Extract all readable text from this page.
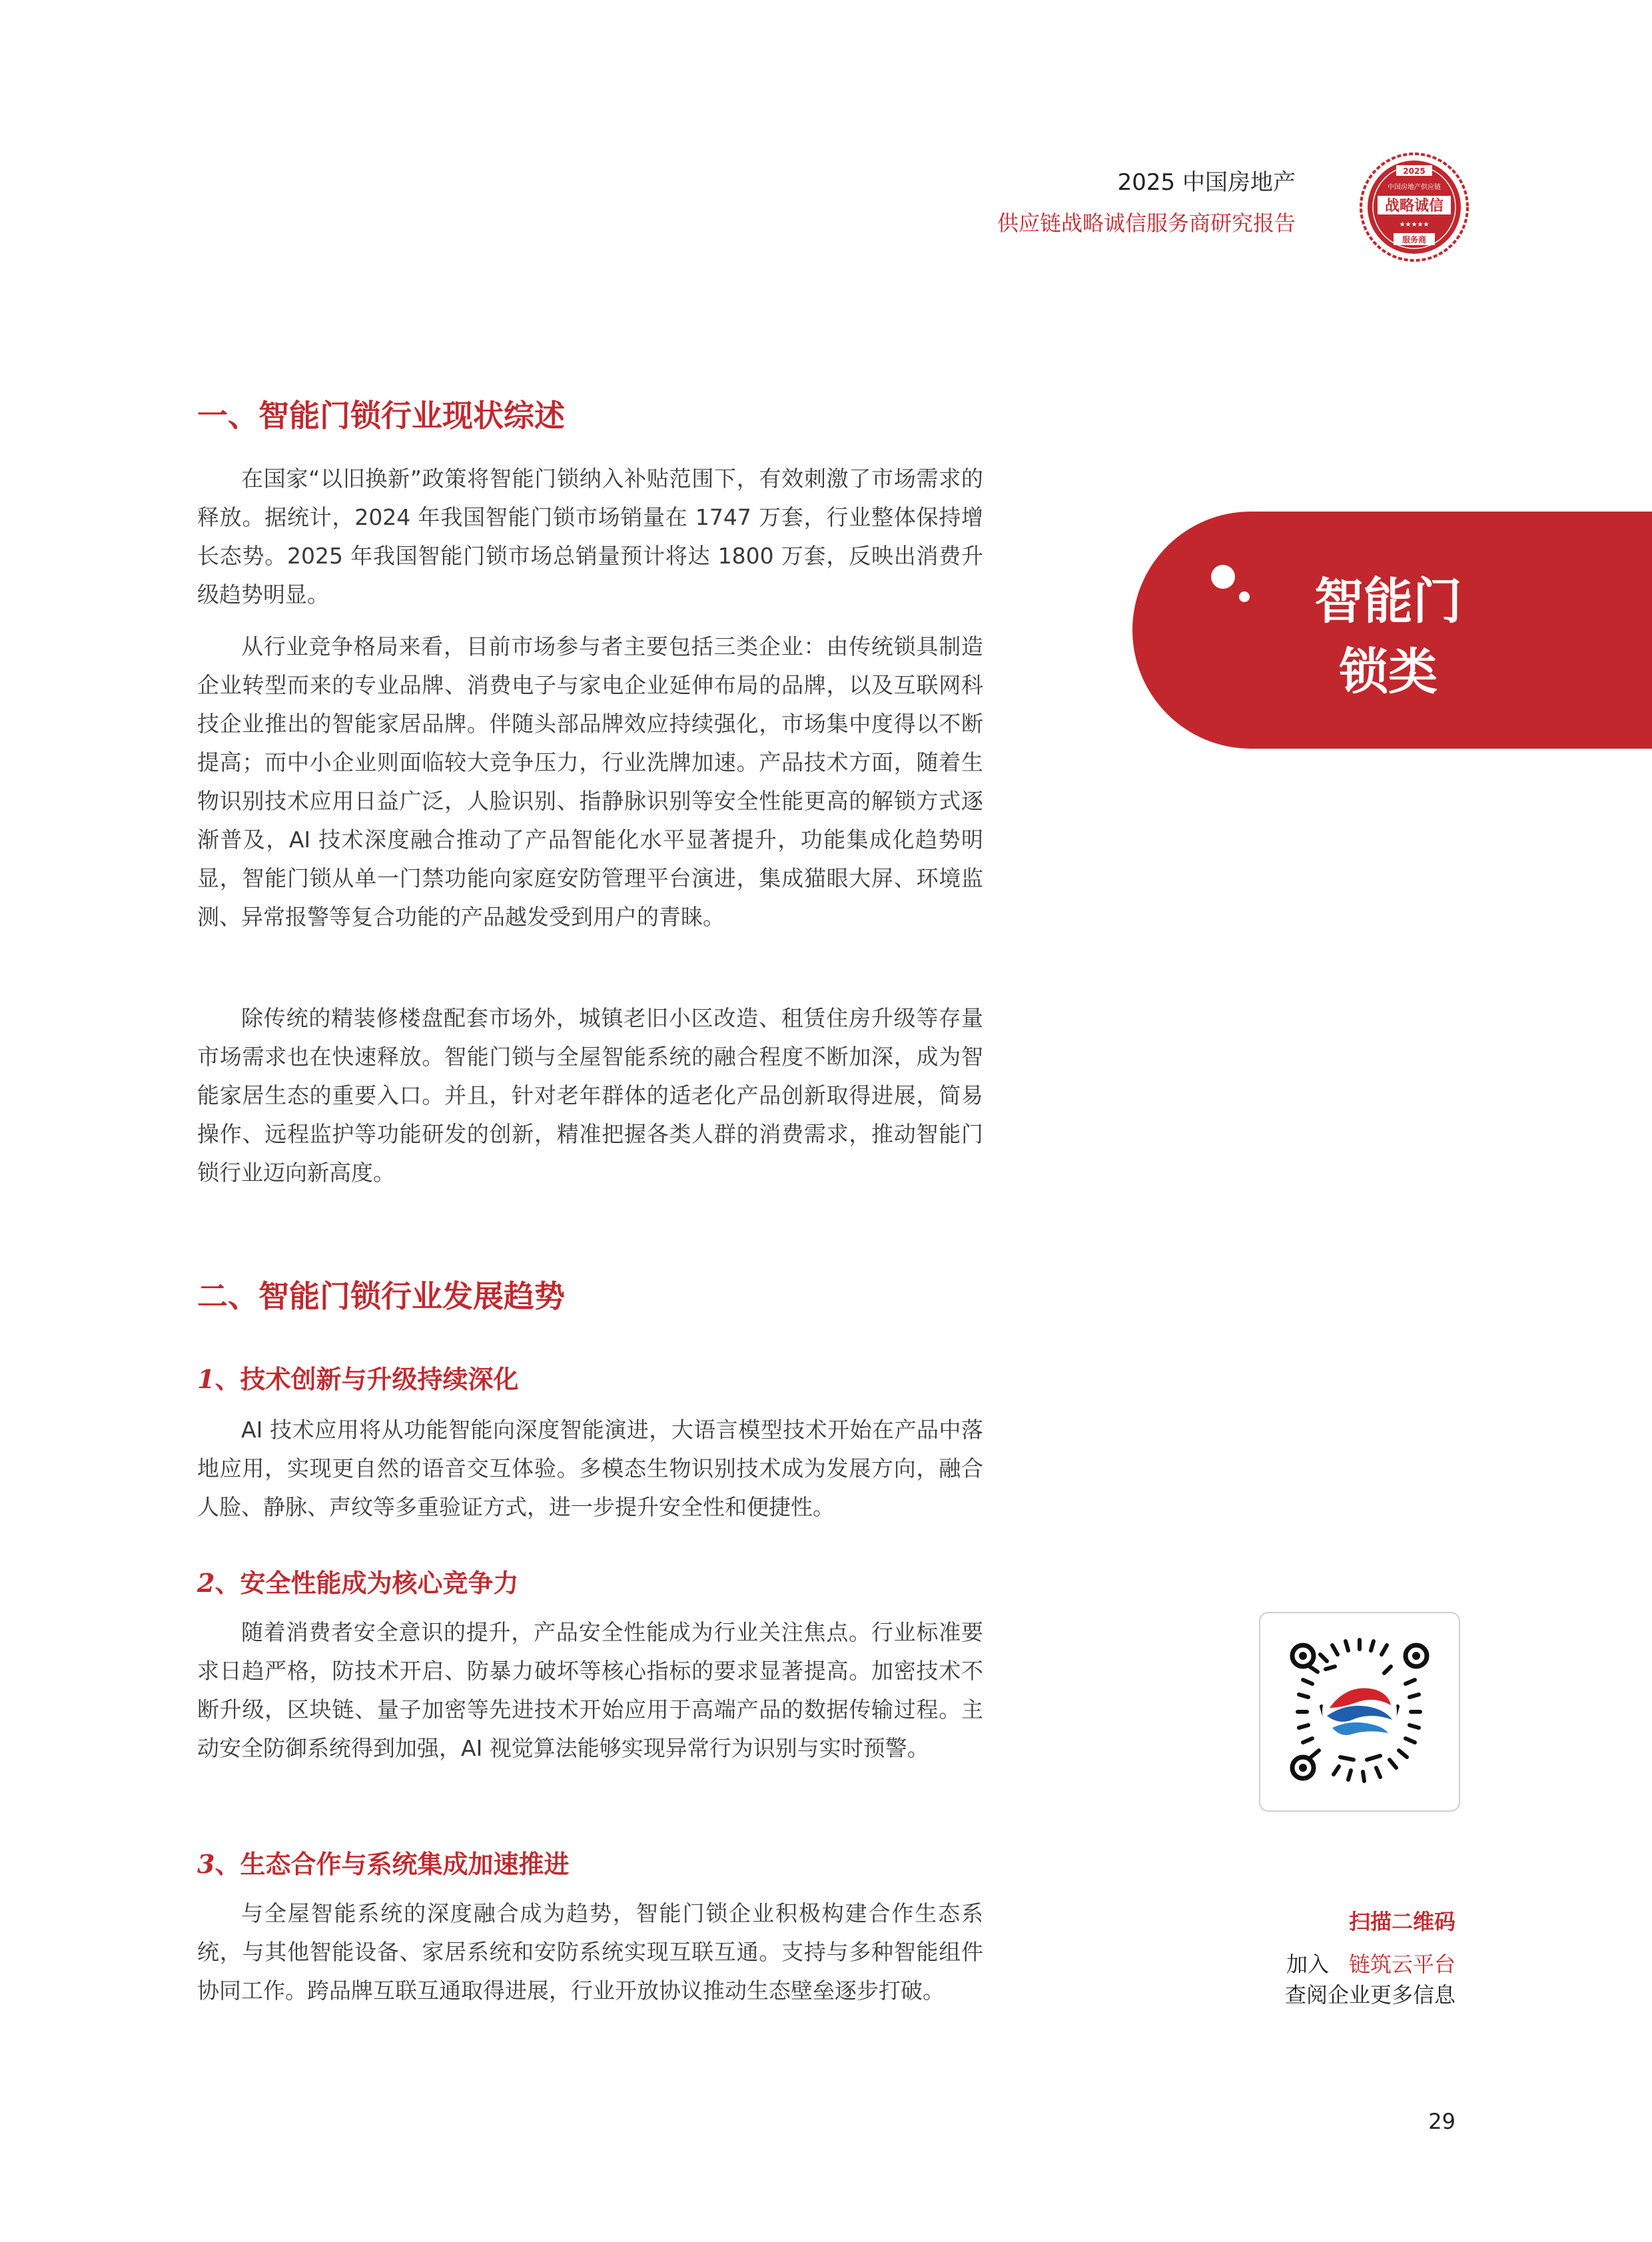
2025 中国房地产
供应链战略诚信服务商研究报告
2025
中国房地产供应链
战略诚信
★★★★★
服务商
一、智能门锁行业现状综述

在国家“以旧换新”政策将智能门锁纳入补贴范围下，有效刺激了市场需求的释放。据统计，2024 年我国智能门锁市场销量在 1747 万套，行业整体保持增长态势。2025 年我国智能门锁市场总销量预计将达 1800 万套，反映出消费升级趋势明显。

从行业竞争格局来看，目前市场参与者主要包括三类企业：由传统锁具制造企业转型而来的专业品牌、消费电子与家电企业延伸布局的品牌，以及互联网科技企业推出的智能家居品牌。伴随头部品牌效应持续强化，市场集中度得以不断提高；而中小企业则面临较大竞争压力，行业洗牌加速。产品技术方面，随着生物识别技术应用日益广泛，人脸识别、指静脉识别等安全性能更高的解锁方式逐渐普及，AI 技术深度融合推动了产品智能化水平显著提升，功能集成化趋势明显，智能门锁从单一门禁功能向家庭安防管理平台演进，集成猫眼大屏、环境监测、异常报警等复合功能的产品越发受到用户的青睐。

除传统的精装修楼盘配套市场外，城镇老旧小区改造、租赁住房升级等存量市场需求也在快速释放。智能门锁与全屋智能系统的融合程度不断加深，成为智能家居生态的重要入口。并且，针对老年群体的适老化产品创新取得进展，简易操作、远程监护等功能研发的创新，精准把握各类人群的消费需求，推动智能门锁行业迈向新高度。

二、智能门锁行业发展趋势
1、技术创新与升级持续深化

AI 技术应用将从功能智能向深度智能演进，大语言模型技术开始在产品中落地应用，实现更自然的语音交互体验。多模态生物识别技术成为发展方向，融合人脸、静脉、声纹等多重验证方式，进一步提升安全性和便捷性。

2、安全性能成为核心竞争力

随着消费者安全意识的提升，产品安全性能成为行业关注焦点。行业标准要求日趋严格，防技术开启、防暴力破坏等核心指标的要求显著提高。加密技术不断升级，区块链、量子加密等先进技术开始应用于高端产品的数据传输过程。主动安全防御系统得到加强，AI 视觉算法能够实现异常行为识别与实时预警。

3、生态合作与系统集成加速推进

与全屋智能系统的深度融合成为趋势，智能门锁企业积极构建合作生态系统，与其他智能设备、家居系统和安防系统实现互联互通。支持与多种智能组件协同工作。跨品牌互联互通取得进展，行业开放协议推动生态壁垒逐步打破。

智能门锁类
扫描二维码
加入 链筑云平台
查阅企业更多信息
29
